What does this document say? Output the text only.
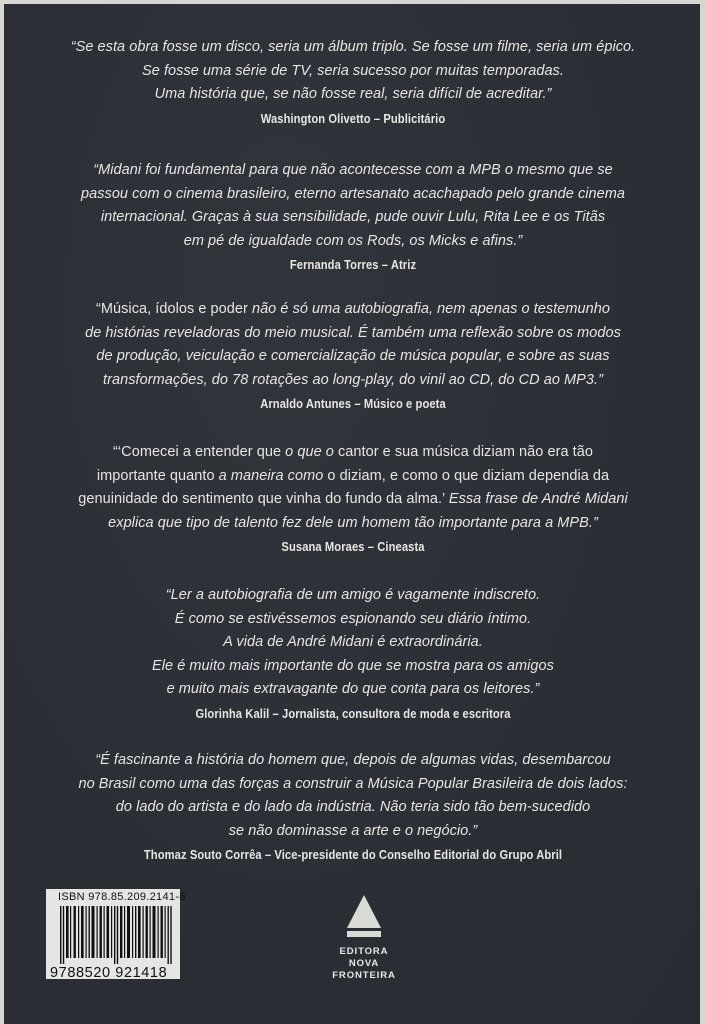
“Se esta obra fosse um disco, seria um álbum triplo. Se fosse um filme, seria um épico.
Se fosse uma série de TV, seria sucesso por muitas temporadas.
Uma história que, se não fosse real, seria difícil de acreditar.”
Washington Olivetto – Publicitário
“Midani foi fundamental para que não acontecesse com a MPB o mesmo que se
passou com o cinema brasileiro, eterno artesanato acachapado pelo grande cinema
internacional. Graças à sua sensibilidade, pude ouvir Lulu, Rita Lee e os Titãs
em pé de igualdade com os Rods, os Micks e afins.”
Fernanda Torres – Atriz
“Música, ídolos e poder não é só uma autobiografia, nem apenas o testemunho
de histórias reveladoras do meio musical. É também uma reflexão sobre os modos
de produção, veiculação e comercialização de música popular, e sobre as suas
transformações, do 78 rotações ao long-play, do vinil ao CD, do CD ao MP3.”
Arnaldo Antunes – Músico e poeta
“‘Comecei a entender que o que o cantor e sua música diziam não era tão
importante quanto a maneira como o diziam, e como o que diziam dependia da
genuinidade do sentimento que vinha do fundo da alma.’ Essa frase de André Midani
explica que tipo de talento fez dele um homem tão importante para a MPB.”
Susana Moraes – Cineasta
“Ler a autobiografia de um amigo é vagamente indiscreto.
É como se estivéssemos espionando seu diário íntimo.
A vida de André Midani é extraordinária.
Ele é muito mais importante do que se mostra para os amigos
e muito mais extravagante do que conta para os leitores.”
Glorinha Kalil – Jornalista, consultora de moda e escritora
“É fascinante a história do homem que, depois de algumas vidas, desembarcou
no Brasil como uma das forças a construir a Música Popular Brasileira de dois lados:
do lado do artista e do lado da indústria. Não teria sido tão bem-sucedido
se não dominasse a arte e o negócio.”
Thomaz Souto Corrêa – Vice-presidente do Conselho Editorial do Grupo Abril
ISBN 978.85.209.2141-8
9788520 921418
EDITORA
NOVA
FRONTEIRA
